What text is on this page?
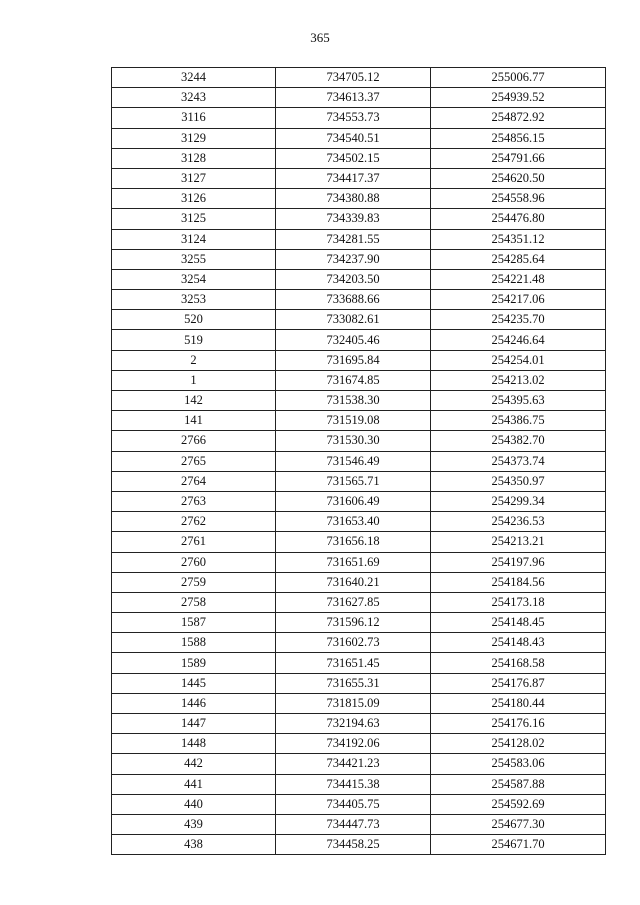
365
3244	734705.12	255006.77
3243	734613.37	254939.52
3116	734553.73	254872.92
3129	734540.51	254856.15
3128	734502.15	254791.66
3127	734417.37	254620.50
3126	734380.88	254558.96
3125	734339.83	254476.80
3124	734281.55	254351.12
3255	734237.90	254285.64
3254	734203.50	254221.48
3253	733688.66	254217.06
520	733082.61	254235.70
519	732405.46	254246.64
2	731695.84	254254.01
1	731674.85	254213.02
142	731538.30	254395.63
141	731519.08	254386.75
2766	731530.30	254382.70
2765	731546.49	254373.74
2764	731565.71	254350.97
2763	731606.49	254299.34
2762	731653.40	254236.53
2761	731656.18	254213.21
2760	731651.69	254197.96
2759	731640.21	254184.56
2758	731627.85	254173.18
1587	731596.12	254148.45
1588	731602.73	254148.43
1589	731651.45	254168.58
1445	731655.31	254176.87
1446	731815.09	254180.44
1447	732194.63	254176.16
1448	734192.06	254128.02
442	734421.23	254583.06
441	734415.38	254587.88
440	734405.75	254592.69
439	734447.73	254677.30
438	734458.25	254671.70
